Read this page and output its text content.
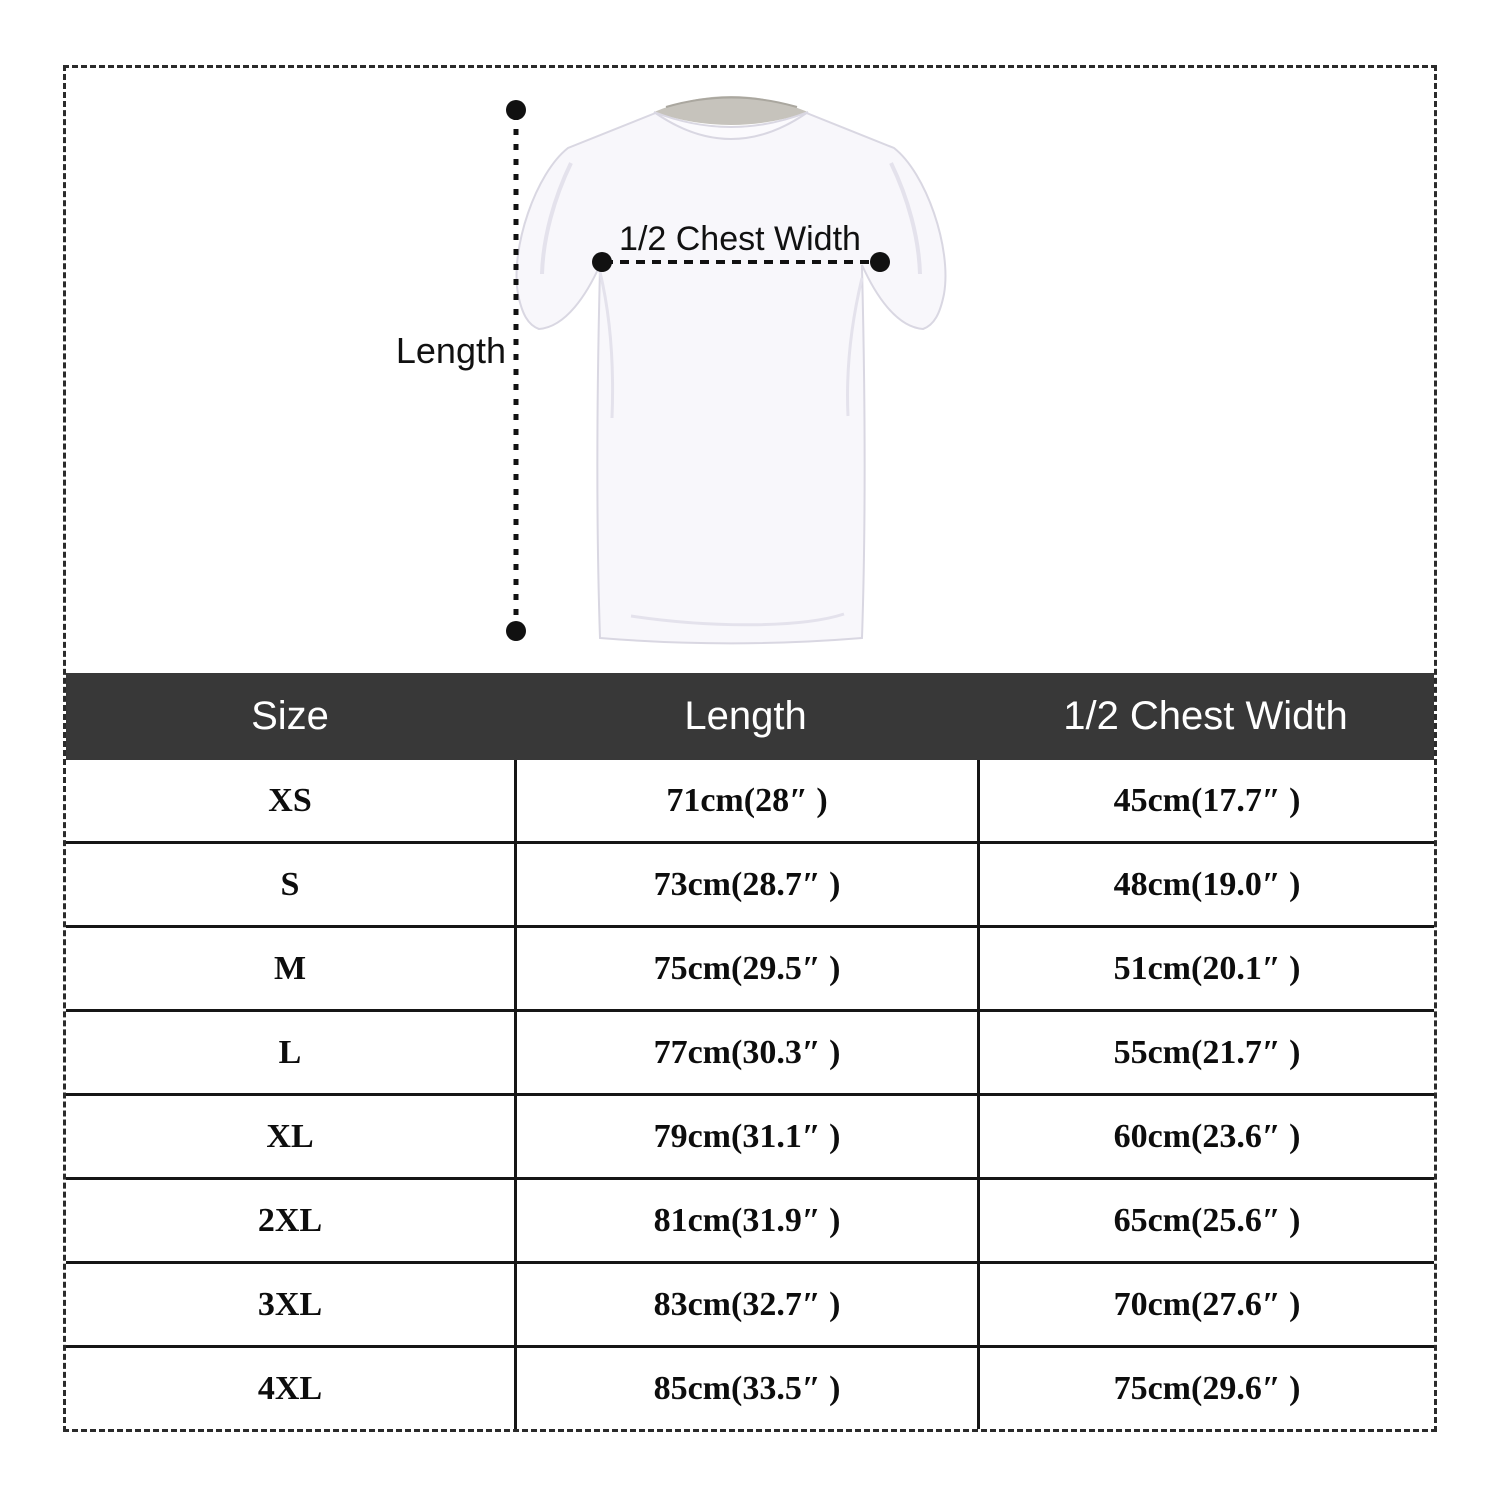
Length
1/2 Chest Width
Size	Length	1/2 Chest Width
XS	71cm(28″ )	45cm(17.7″ )
S	73cm(28.7″ )	48cm(19.0″ )
M	75cm(29.5″ )	51cm(20.1″ )
L	77cm(30.3″ )	55cm(21.7″ )
XL	79cm(31.1″ )	60cm(23.6″ )
2XL	81cm(31.9″ )	65cm(25.6″ )
3XL	83cm(32.7″ )	70cm(27.6″ )
4XL	85cm(33.5″ )	75cm(29.6″ )
